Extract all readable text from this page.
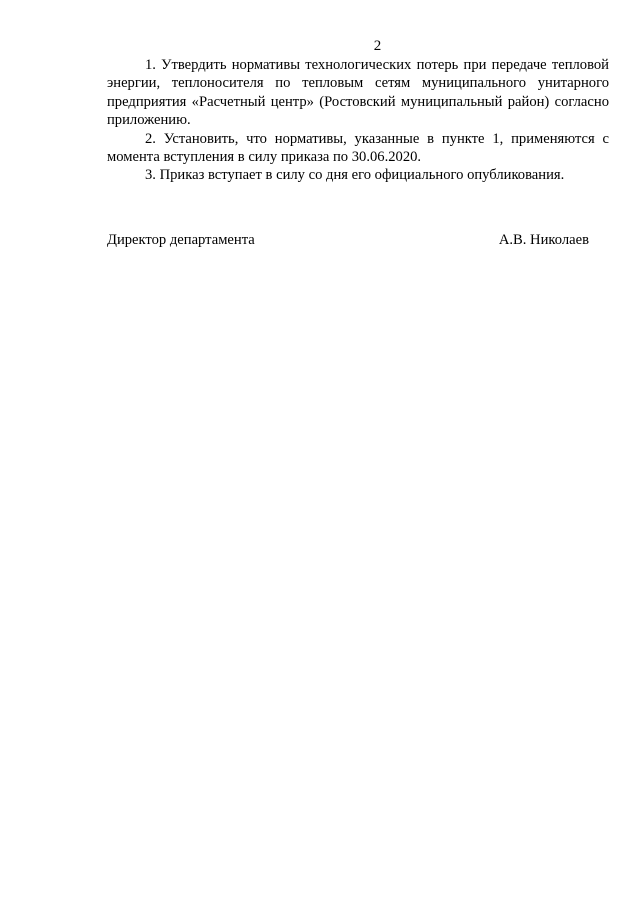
2

1. Утвердить нормативы технологических потерь при передаче тепловой энергии, теплоносителя по тепловым сетям муниципального унитарного предприятия «Расчетный центр» (Ростовский муниципальный район) согласно приложению.

2. Установить, что нормативы, указанные в пункте 1, применяются с момента вступления в силу приказа по 30.06.2020.

3. Приказ вступает в силу со дня его официального опубликования.

Директор департамента	А.В. Николаев
